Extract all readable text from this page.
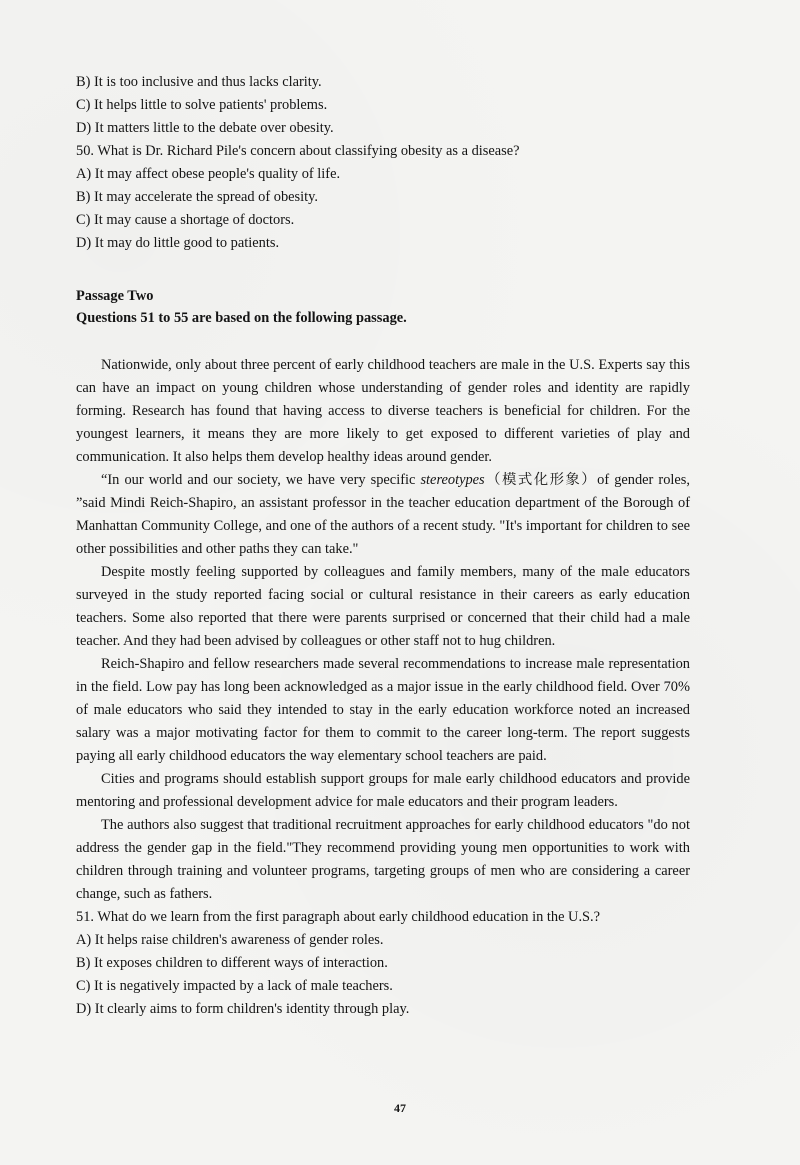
B) It is too inclusive and thus lacks clarity.
C) It helps little to solve patients' problems.
D) It matters little to the debate over obesity.
50. What is Dr. Richard Pile's concern about classifying obesity as a disease?
A) It may affect obese people's quality of life.
B) It may accelerate the spread of obesity.
C) It may cause a shortage of doctors.
D) It may do little good to patients.
Passage Two
Questions 51 to 55 are based on the following passage.

Nationwide, only about three percent of early childhood teachers are male in the U.S. Experts say this can have an impact on young children whose understanding of gender roles and identity are rapidly forming. Research has found that having access to diverse teachers is beneficial for children. For the youngest learners, it means they are more likely to get exposed to different varieties of play and communication. It also helps them develop healthy ideas around gender.

“In our world and our society, we have very specific stereotypes（模式化形象）of gender roles, ”said Mindi Reich-Shapiro, an assistant professor in the teacher education department of the Borough of Manhattan Community College, and one of the authors of a recent study. "It's important for children to see other possibilities and other paths they can take."

Despite mostly feeling supported by colleagues and family members, many of the male educators surveyed in the study reported facing social or cultural resistance in their careers as early education teachers. Some also reported that there were parents surprised or concerned that their child had a male teacher. And they had been advised by colleagues or other staff not to hug children.

Reich-Shapiro and fellow researchers made several recommendations to increase male representation in the field. Low pay has long been acknowledged as a major issue in the early childhood field. Over 70% of male educators who said they intended to stay in the early education workforce noted an increased salary was a major motivating factor for them to commit to the career long-term. The report suggests paying all early childhood educators the way elementary school teachers are paid.

Cities and programs should establish support groups for male early childhood educators and provide mentoring and professional development advice for male educators and their program leaders.

The authors also suggest that traditional recruitment approaches for early childhood educators "do not address the gender gap in the field."They recommend providing young men opportunities to work with children through training and volunteer programs, targeting groups of men who are considering a career change, such as fathers.

51. What do we learn from the first paragraph about early childhood education in the U.S.?
A) It helps raise children's awareness of gender roles.
B) It exposes children to different ways of interaction.
C) It is negatively impacted by a lack of male teachers.
D) It clearly aims to form children's identity through play.
47
